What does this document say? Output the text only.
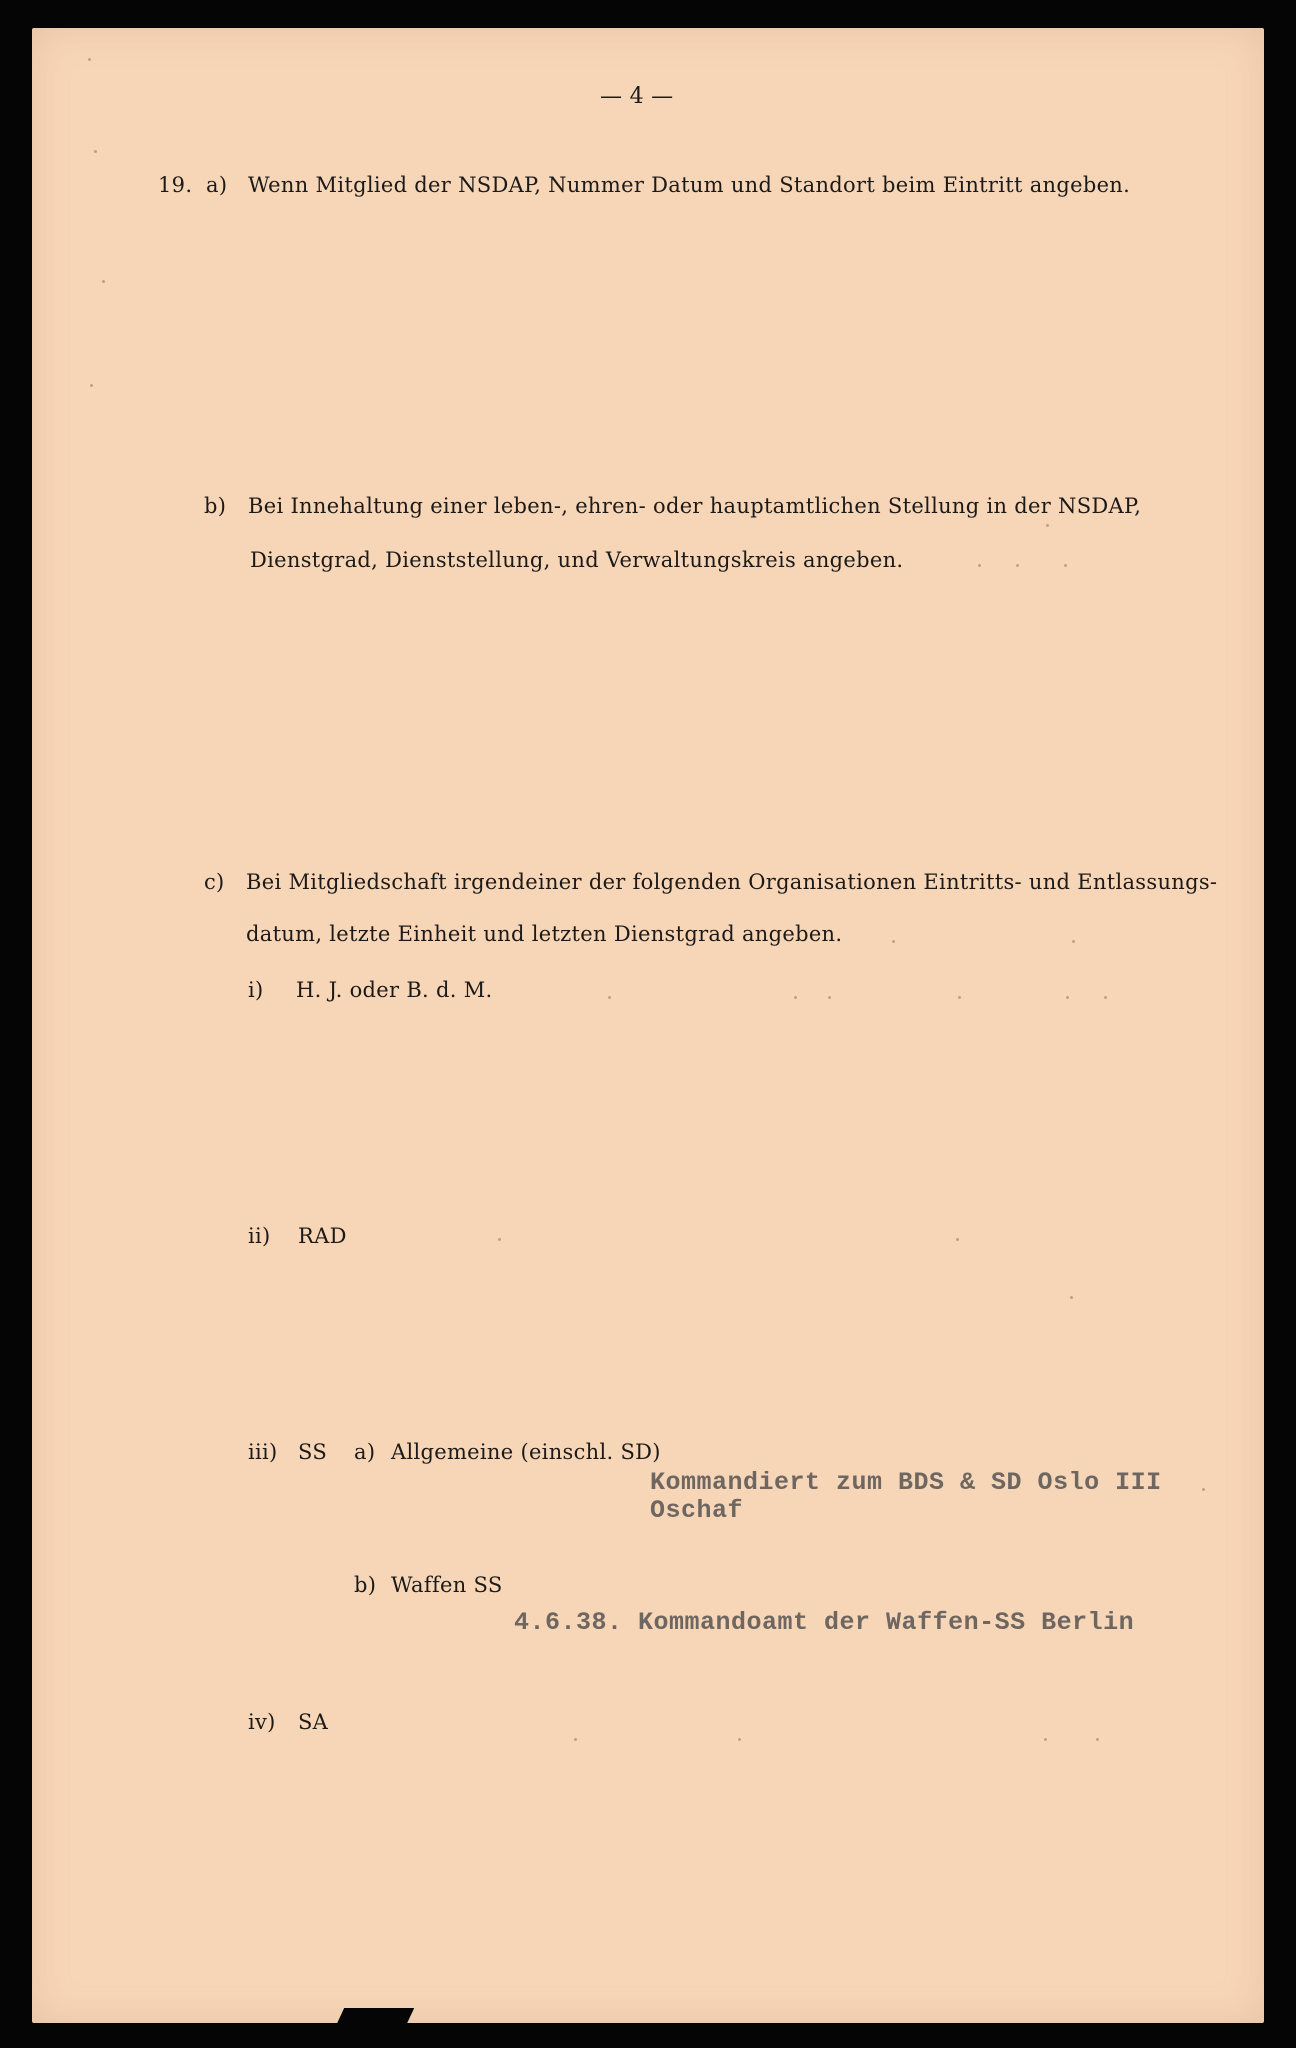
— 4 —
19. a) Wenn Mitglied der NSDAP, Nummer Datum und Standort beim Eintritt angeben.
b) Bei Innehaltung einer leben-, ehren- oder hauptamtlichen Stellung in der NSDAP,
Dienstgrad, Dienststellung, und Verwaltungskreis angeben.
c) Bei Mitgliedschaft irgendeiner der folgenden Organisationen Eintritts- und Entlassungs-
datum, letzte Einheit und letzten Dienstgrad angeben.
i) H. J. oder B. d. M.
ii) RAD
iii) SS a) Allgemeine (einschl. SD)
Kommandiert zum BDS & SD Oslo III
Oschaf
b) Waffen SS
4.6.38. Kommandoamt der Waffen-SS Berlin
iv) SA
